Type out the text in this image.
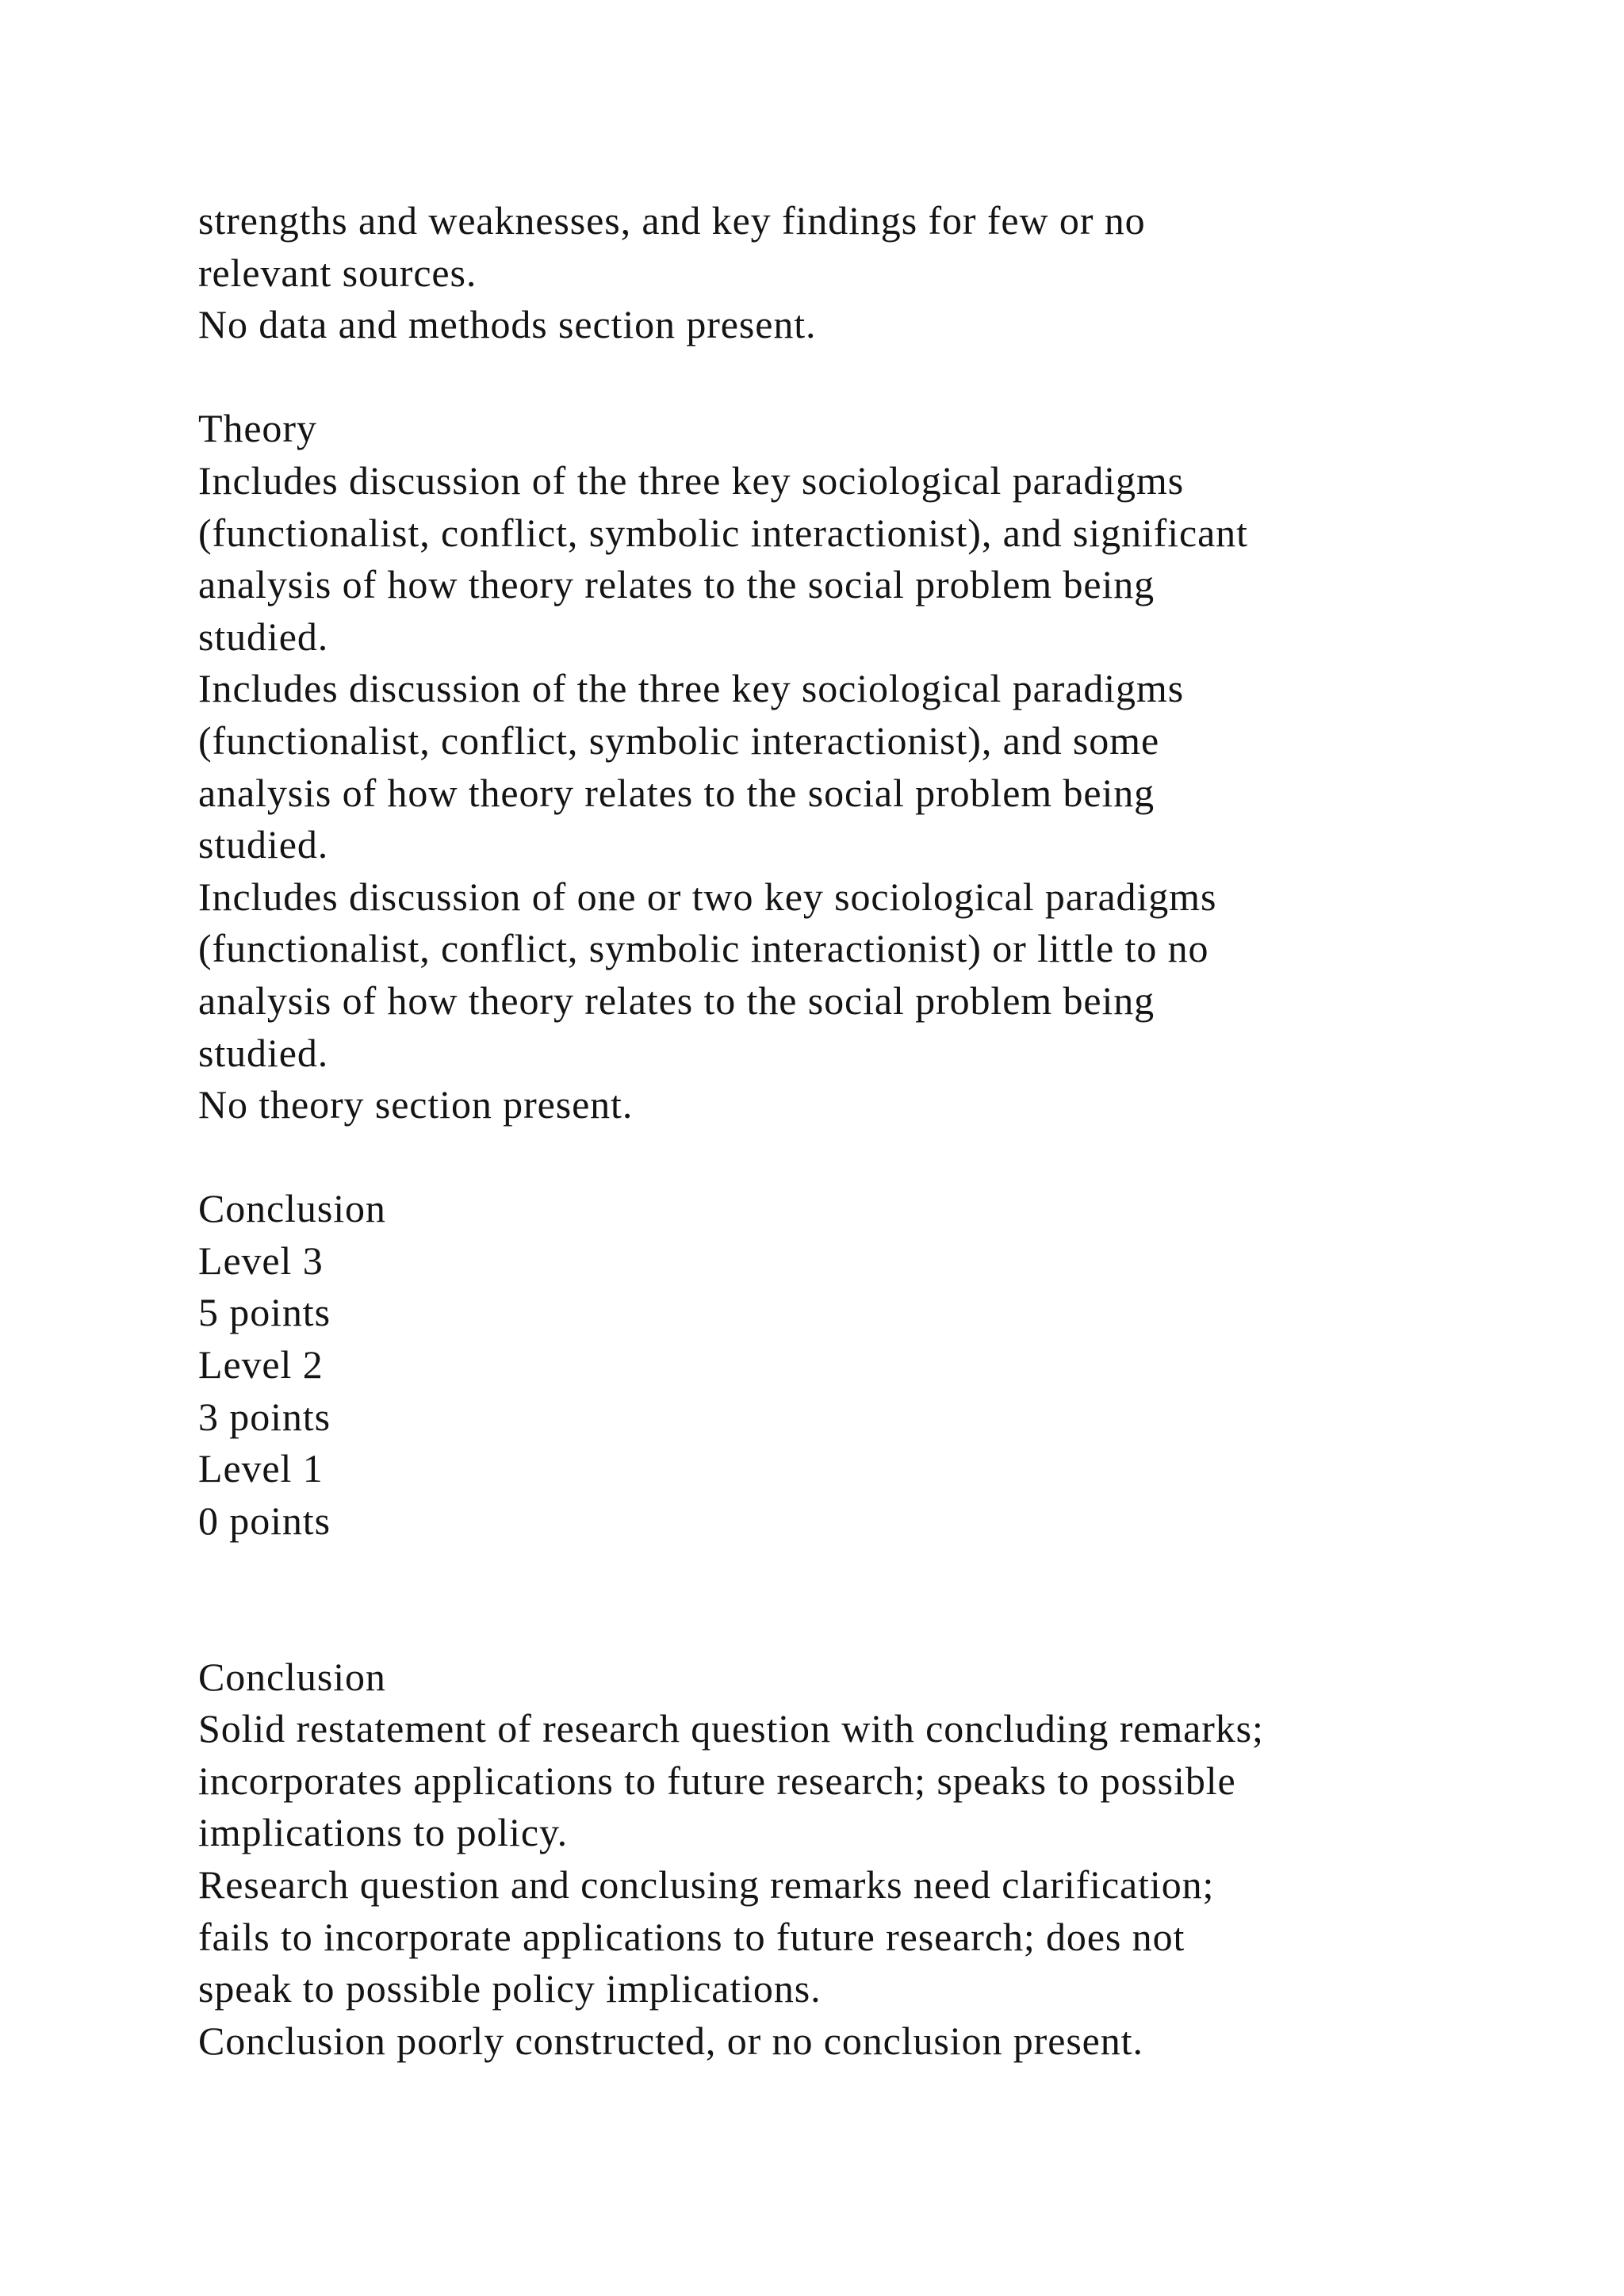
strengths and weaknesses, and key findings for few or no
relevant sources.
No data and methods section present.
Theory
Includes discussion of the three key sociological paradigms
(functionalist, conflict, symbolic interactionist), and significant
analysis of how theory relates to the social problem being
studied.
Includes discussion of the three key sociological paradigms
(functionalist, conflict, symbolic interactionist), and some
analysis of how theory relates to the social problem being
studied.
Includes discussion of one or two key sociological paradigms
(functionalist, conflict, symbolic interactionist) or little to no
analysis of how theory relates to the social problem being
studied.
No theory section present.
Conclusion
Level 3
5 points
Level 2
3 points
Level 1
0 points
Conclusion
Solid restatement of research question with concluding remarks;
incorporates applications to future research; speaks to possible
implications to policy.
Research question and conclusing remarks need clarification;
fails to incorporate applications to future research; does not
speak to possible policy implications.
Conclusion poorly constructed, or no conclusion present.
